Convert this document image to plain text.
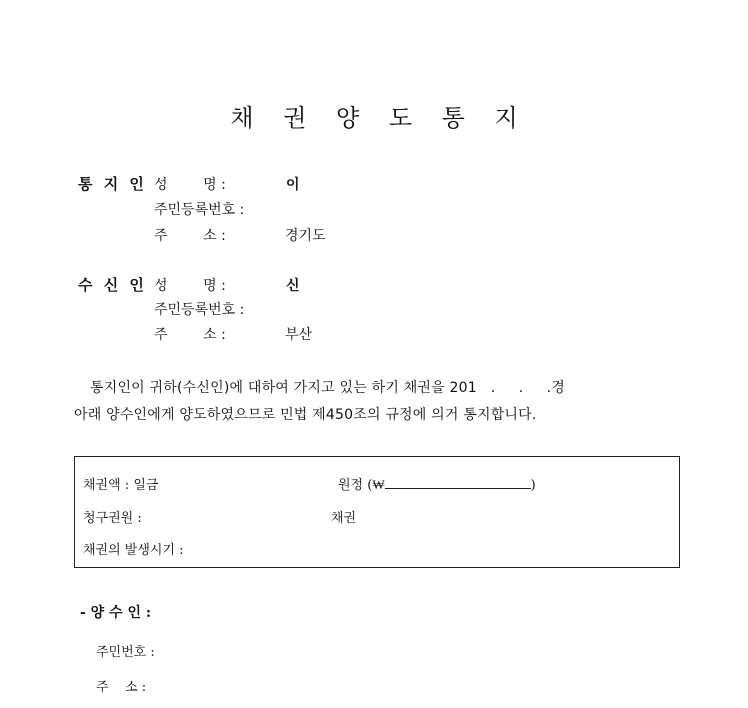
채 권 양 도 통 지
통 지 인 성        명 :	이
주민등록번호 :
주        소 :	경기도
수 신 인 성        명 :	신
주민등록번호 :
주        소 :	부산
통지인이 귀하(수신인)에 대하여 가지고 있는 하기 채권을 201   .     .     .경
아래 양수인에게 양도하였으므로 민법 제450조의 규정에 의거 통지합니다.
채권액 : 일금	원정 (₩	)
청구권원 :	채권
채권의 발생시기 :
- 양 수 인 :
주민번호 :
주    소 :
